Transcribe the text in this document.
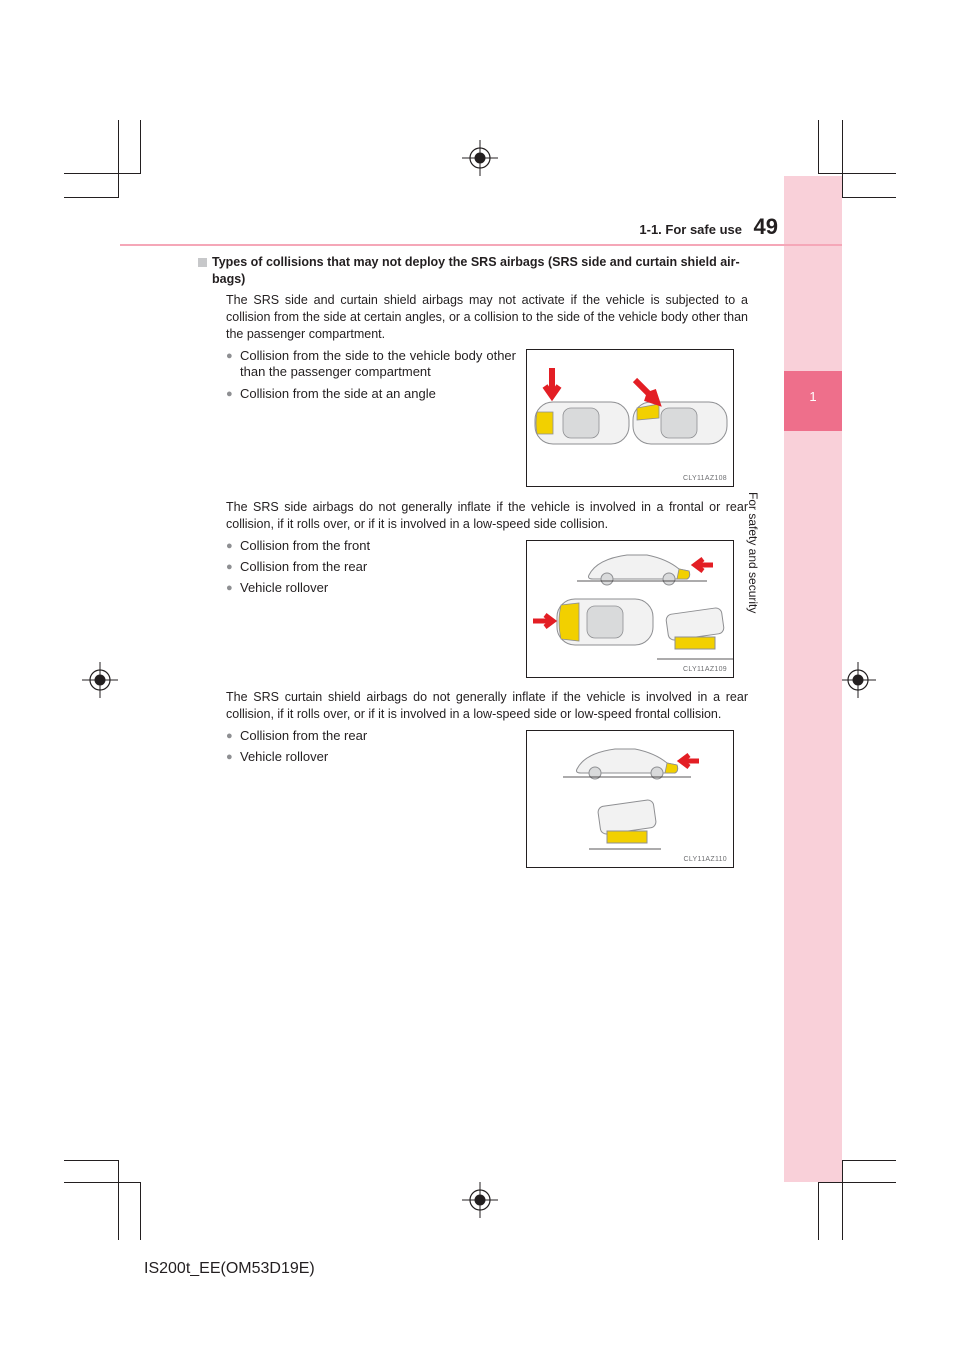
1
For safety and security
1-1. For safe use 49
Types of collisions that may not deploy the SRS airbags (SRS side and curtain shield air-bags)
The SRS side and curtain shield airbags may not activate if the vehicle is subjected to a collision from the side at certain angles, or a collision to the side of the vehicle body other than the passenger compartment.
● Collision from the side to the vehicle body other than the passenger compartment
● Collision from the side at an angle
CLY11AZ108
The SRS side airbags do not generally inflate if the vehicle is involved in a frontal or rear collision, if it rolls over, or if it is involved in a low-speed side collision.
● Collision from the front
● Collision from the rear
● Vehicle rollover
CLY11AZ109
The SRS curtain shield airbags do not generally inflate if the vehicle is involved in a rear collision, if it rolls over, or if it is involved in a low-speed side or low-speed frontal collision.
● Collision from the rear
● Vehicle rollover
CLY11AZ110
IS200t_EE(OM53D19E)
